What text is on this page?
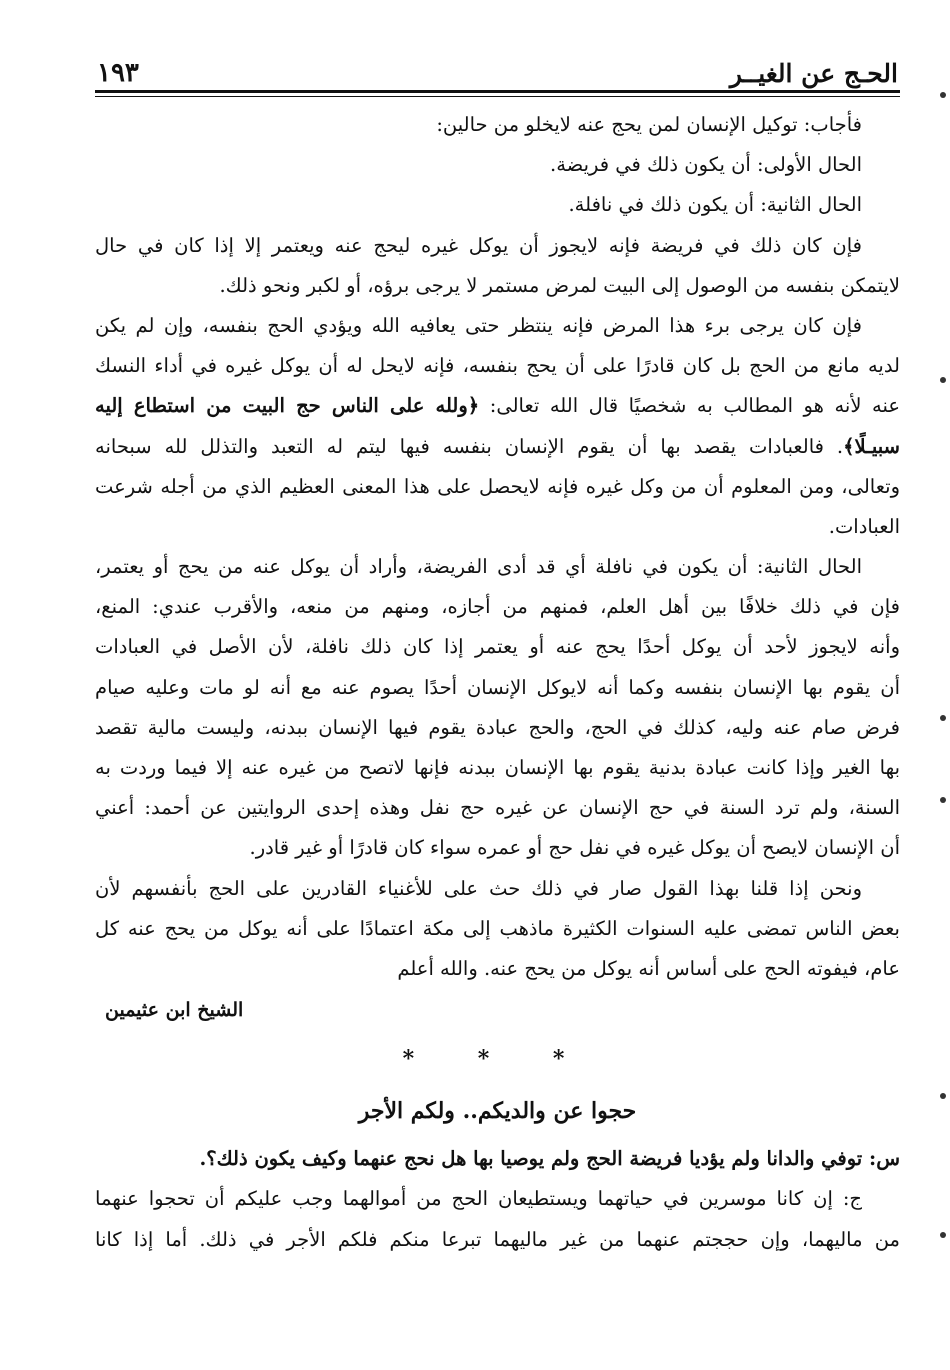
الحـج عن الغيــر
١٩٣
فأجاب: توكيل الإنسان لمن يحج عنه لايخلو من حالين:
الحال الأولى: أن يكون ذلك في فريضة.
الحال الثانية: أن يكون ذلك في نافلة.
فإن كان ذلك في فريضة فإنه لايجوز أن يوكل غيره ليحج عنه ويعتمر إلا إذا كان في حال
لايتمكن بنفسه من الوصول إلى البيت لمرض مستمر لا يرجى برؤه، أو لكبر ونحو ذلك.
فإن كان يرجى برء هذا المرض فإنه ينتظر حتى يعافيه الله ويؤدي الحج بنفسه، وإن لم يكن
لديه مانع من الحج بل كان قادرًا على أن يحج بنفسه، فإنه لايحل له أن يوكل غيره في أداء النسك
عنه لأنه هو المطالب به شخصيًا قال الله تعالى: ﴿ولله على الناس حج البيت من استطاع إليه
سبيـلًا﴾. فالعبادات يقصد بها أن يقوم الإنسان بنفسه فيها ليتم له التعبد والتذلل لله سبحانه
وتعالى، ومن المعلوم أن من وكل غيره فإنه لايحصل على هذا المعنى العظيم الذي من أجله شرعت
العبادات.
الحال الثانية: أن يكون في نافلة أي قد أدى الفريضة، وأراد أن يوكل عنه من يحج أو يعتمر،
فإن في ذلك خلافًا بين أهل العلم، فمنهم من أجازه، ومنهم من منعه، والأقرب عندي: المنع،
وأنه لايجوز لأحد أن يوكل أحدًا يحج عنه أو يعتمر إذا كان ذلك نافلة، لأن الأصل في العبادات
أن يقوم بها الإنسان بنفسه وكما أنه لايوكل الإنسان أحدًا يصوم عنه مع أنه لو مات وعليه صيام
فرض صام عنه وليه، كذلك في الحج، والحج عبادة يقوم فيها الإنسان ببدنه، وليست مالية تقصد
بها الغير وإذا كانت عبادة بدنية يقوم بها الإنسان ببدنه فإنها لاتصح من غيره عنه إلا فيما وردت به
السنة، ولم ترد السنة في حج الإنسان عن غيره حج نفل وهذه إحدى الروايتين عن أحمد: أعني
أن الإنسان لايصح أن يوكل غيره في نفل حج أو عمره سواء كان قادرًا أو غير قادر.
ونحن إذا قلنا بهذا القول صار في ذلك حث على للأغنياء القادرين على الحج بأنفسهم لأن
بعض الناس تمضى عليه السنوات الكثيرة ماذهب إلى مكة اعتمادًا على أنه يوكل من يحج عنه كل
عام، فيفوته الحج على أساس أنه يوكل من يحج عنه. والله أعلم
الشيخ ابن عثيمين
* * *
حجوا عن والديكم.. ولكم الأجر
س: توفي والدانا ولم يؤديا فريضة الحج ولم يوصيا بها هل نحج عنهما وكيف يكون ذلك؟.
ج: إن كانا موسرين في حياتهما ويستطيعان الحج من أموالهما وجب عليكم أن تحجوا عنهما
من ماليهما، وإن حججتم عنهما من غير ماليهما تبرعا منكم فلكم الأجر في ذلك. أما إذا كانا
